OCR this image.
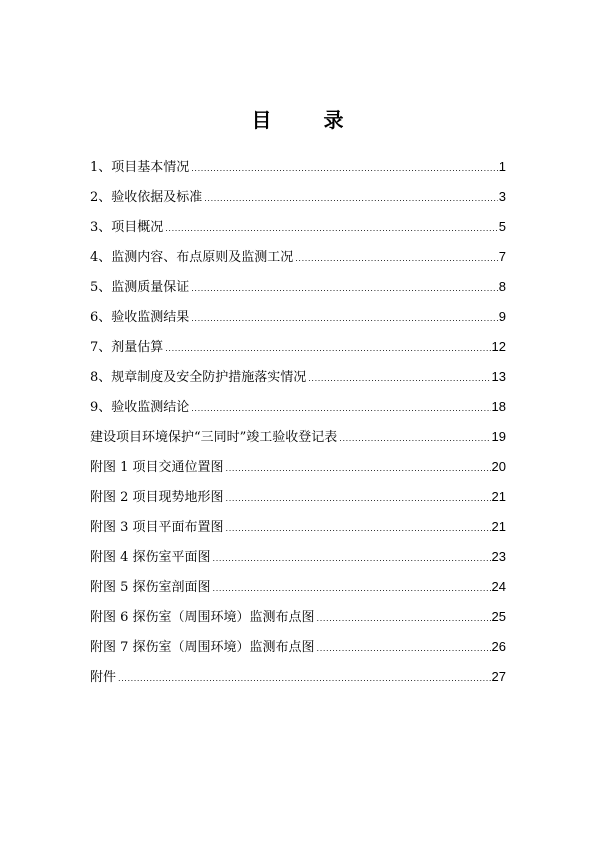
目　录
1、项目基本情况 .....	1
2、验收依据及标准 .....	3
3、项目概况 .....	5
4、监测内容、布点原则及监测工况 .....	7
5、监测质量保证 .....	8
6、验收监测结果 .....	9
7、剂量估算 .....	12
8、规章制度及安全防护措施落实情况 .....	13
9、验收监测结论 .....	18
建设项目环境保护“三同时”竣工验收登记表 .....	19
附图 1 项目交通位置图 .....	20
附图 2 项目现势地形图 .....	21
附图 3 项目平面布置图 .....	21
附图 4 探伤室平面图 .....	23
附图 5 探伤室剖面图 .....	24
附图 6 探伤室（周围环境）监测布点图 .....	25
附图 7 探伤室（周围环境）监测布点图 .....	26
附件 .....	27
